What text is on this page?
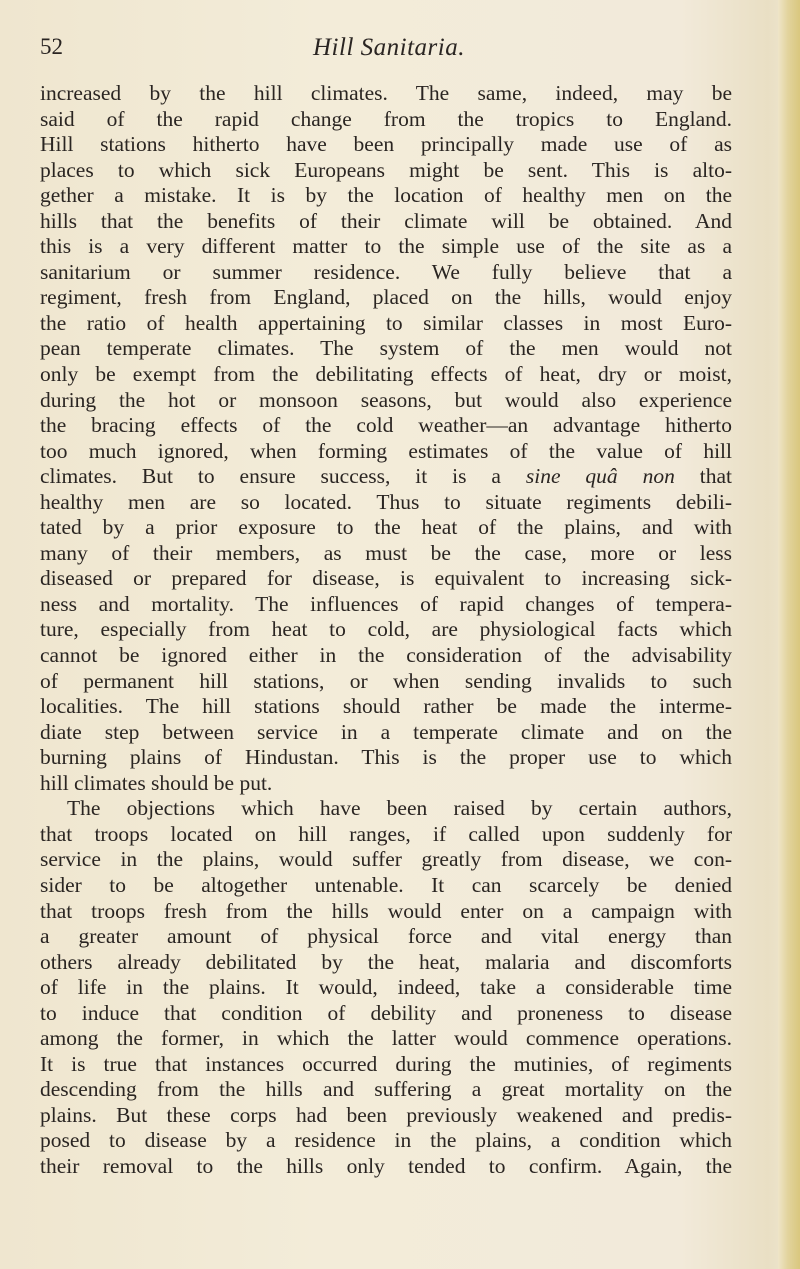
52	Hill Sanitaria.
increased by the hill climates. The same, indeed, may be
said of the rapid change from the tropics to England.
Hill stations hitherto have been principally made use of as
places to which sick Europeans might be sent. This is alto-
gether a mistake. It is by the location of healthy men on the
hills that the benefits of their climate will be obtained. And
this is a very different matter to the simple use of the site as a
sanitarium or summer residence. We fully believe that a
regiment, fresh from England, placed on the hills, would enjoy
the ratio of health appertaining to similar classes in most Euro-
pean temperate climates. The system of the men would not
only be exempt from the debilitating effects of heat, dry or moist,
during the hot or monsoon seasons, but would also experience
the bracing effects of the cold weather—an advantage hitherto
too much ignored, when forming estimates of the value of hill
climates. But to ensure success, it is a sine quâ non that
healthy men are so located. Thus to situate regiments debili-
tated by a prior exposure to the heat of the plains, and with
many of their members, as must be the case, more or less
diseased or prepared for disease, is equivalent to increasing sick-
ness and mortality. The influences of rapid changes of tempera-
ture, especially from heat to cold, are physiological facts which
cannot be ignored either in the consideration of the advisability
of permanent hill stations, or when sending invalids to such
localities. The hill stations should rather be made the interme-
diate step between service in a temperate climate and on the
burning plains of Hindustan. This is the proper use to which
hill climates should be put.
The objections which have been raised by certain authors,
that troops located on hill ranges, if called upon suddenly for
service in the plains, would suffer greatly from disease, we con-
sider to be altogether untenable. It can scarcely be denied
that troops fresh from the hills would enter on a campaign with
a greater amount of physical force and vital energy than
others already debilitated by the heat, malaria and discomforts
of life in the plains. It would, indeed, take a considerable time
to induce that condition of debility and proneness to disease
among the former, in which the latter would commence operations.
It is true that instances occurred during the mutinies, of regiments
descending from the hills and suffering a great mortality on the
plains. But these corps had been previously weakened and predis-
posed to disease by a residence in the plains, a condition which
their removal to the hills only tended to confirm. Again, the
